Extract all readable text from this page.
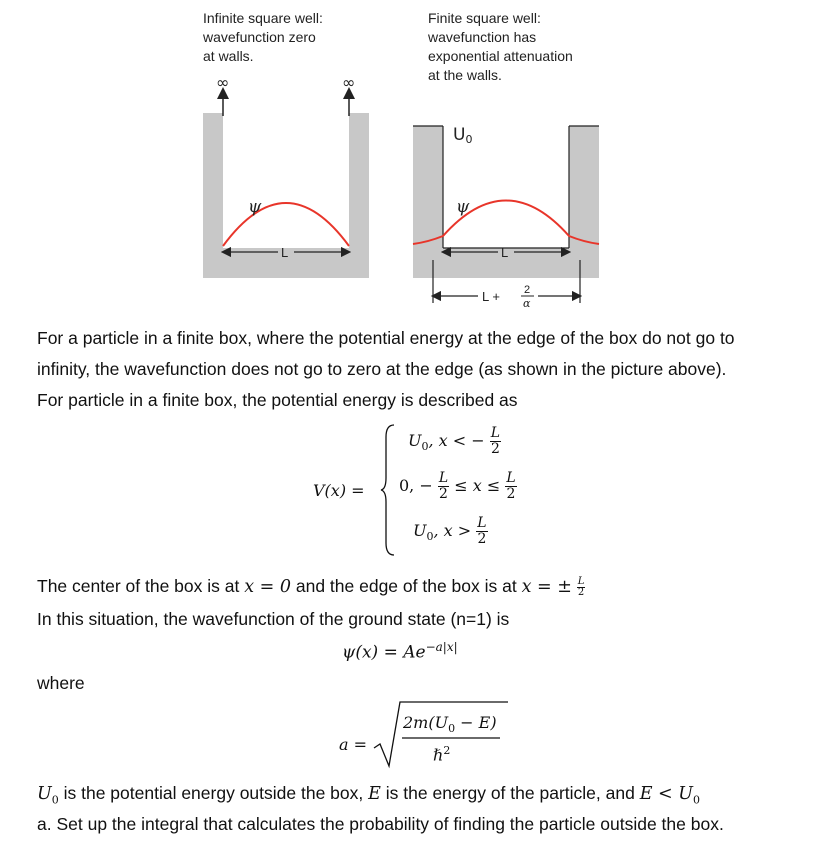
Infinite square well:
wavefunction zero
at walls.
Finite square well:
wavefunction has
exponential attenuation
at the walls.
∞	∞
ψ
L
U0
ψ
L
L + 2
α
For a particle in a finite box, where the potential energy at the edge of the box do not go to
infinity, the wavefunction does not go to zero at the edge (as shown in the picture above).
For particle in a finite box, the potential energy is described as
V(x) =
$U_0$, x < − $\frac{L}{2}$
0, − $\frac{L}{2} \le x \le \frac{L}{2}$
$U_0$, $x > \frac{L}{2}$
The center of the box is at x = 0 and the edge of the box is at x = ± $\frac{L}{2}$
In this situation, the wavefunction of the ground state (n=1) is
$\psi(x) = Ae^{-a|x|}$
where
a =
$2m(U_0 - E)$
ℏ$^2$
$U_0$ is the potential energy outside the box, E is the energy of the particle, and $E < U_0$
a. Set up the integral that calculates the probability of finding the particle outside the box.
